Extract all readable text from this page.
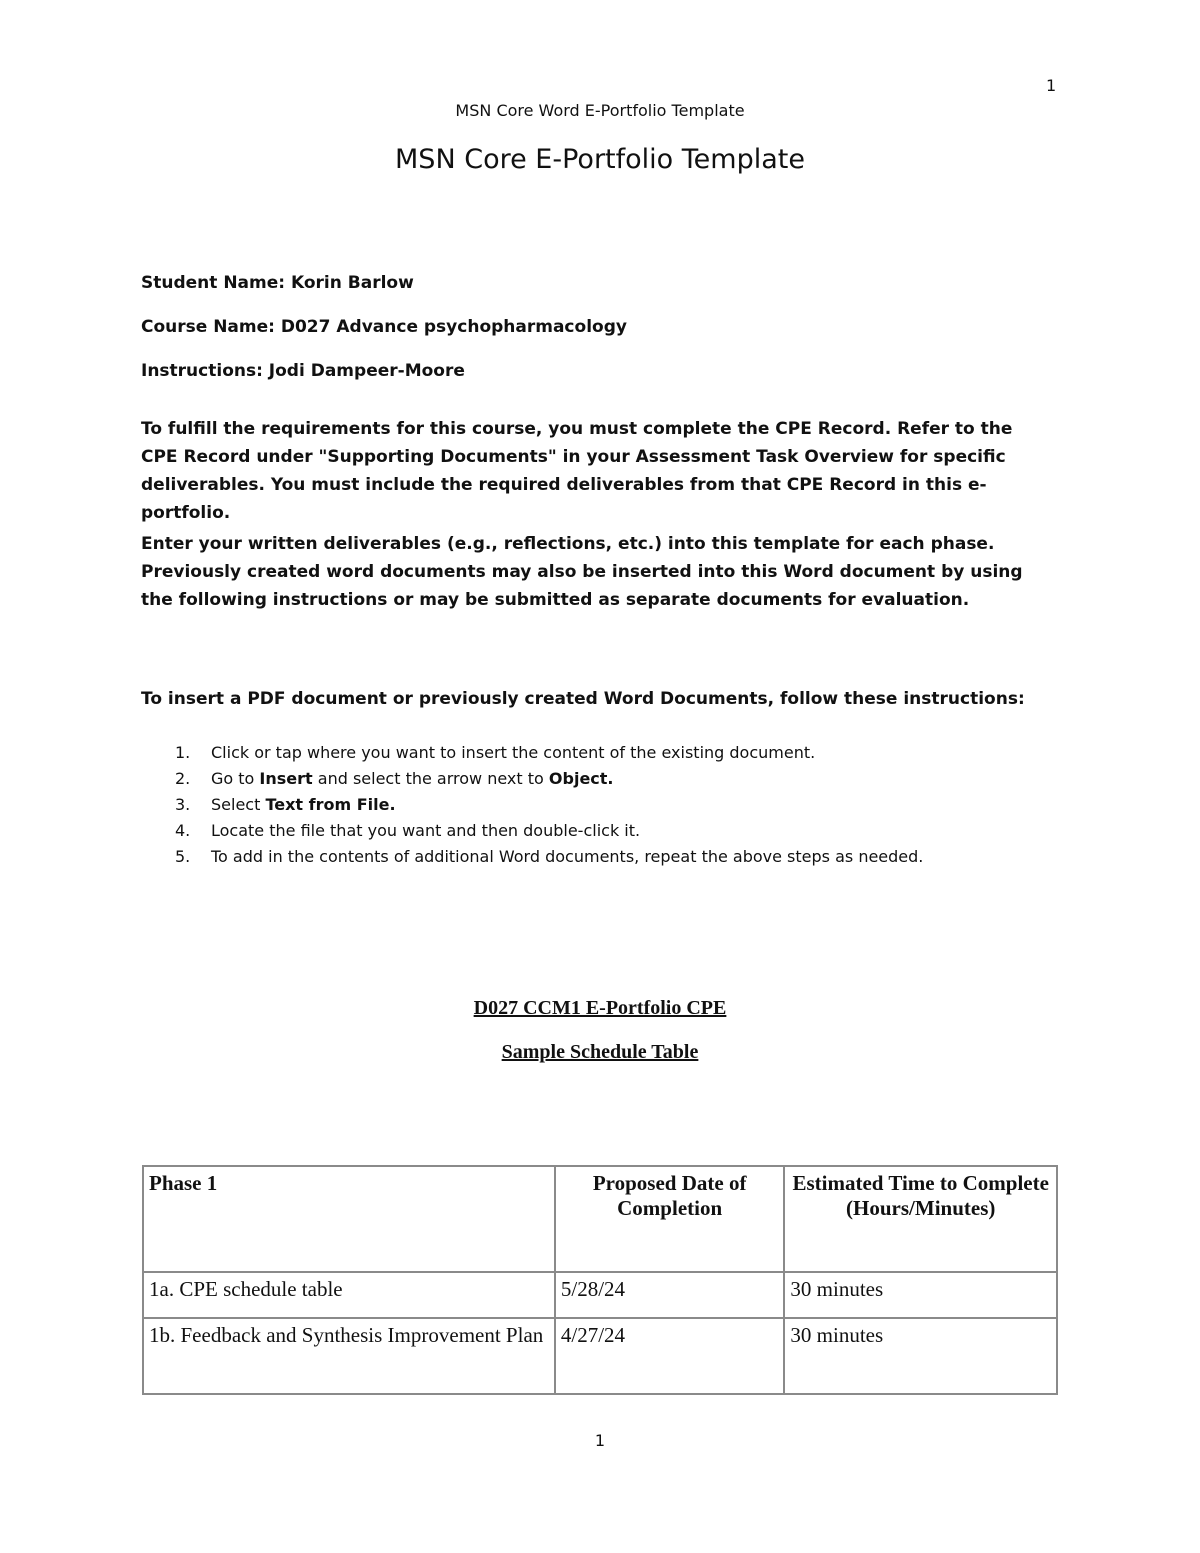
1
MSN Core Word E-Portfolio Template
MSN Core E-Portfolio Template
Student Name: Korin Barlow
Course Name: D027 Advance psychopharmacology
Instructions: Jodi Dampeer-Moore
To fulfill the requirements for this course, you must complete the CPE Record. Refer to the CPE Record under "Supporting Documents" in your Assessment Task Overview for specific deliverables. You must include the required deliverables from that CPE Record in this e-portfolio.
Enter your written deliverables (e.g., reflections, etc.) into this template for each phase. Previously created word documents may also be inserted into this Word document by using the following instructions or may be submitted as separate documents for evaluation.
To insert a PDF document or previously created Word Documents, follow these instructions:
1.	Click or tap where you want to insert the content of the existing document.
2.	Go to Insert and select the arrow next to Object.
3.	Select Text from File.
4.	Locate the file that you want and then double-click it.
5.	To add in the contents of additional Word documents, repeat the above steps as needed.
D027 CCM1 E-Portfolio CPE
Sample Schedule Table
Phase 1	Proposed Date of Completion	Estimated Time to Complete (Hours/Minutes)
1a. CPE schedule table	5/28/24	30 minutes
1b. Feedback and Synthesis Improvement Plan	4/27/24	30 minutes
1
